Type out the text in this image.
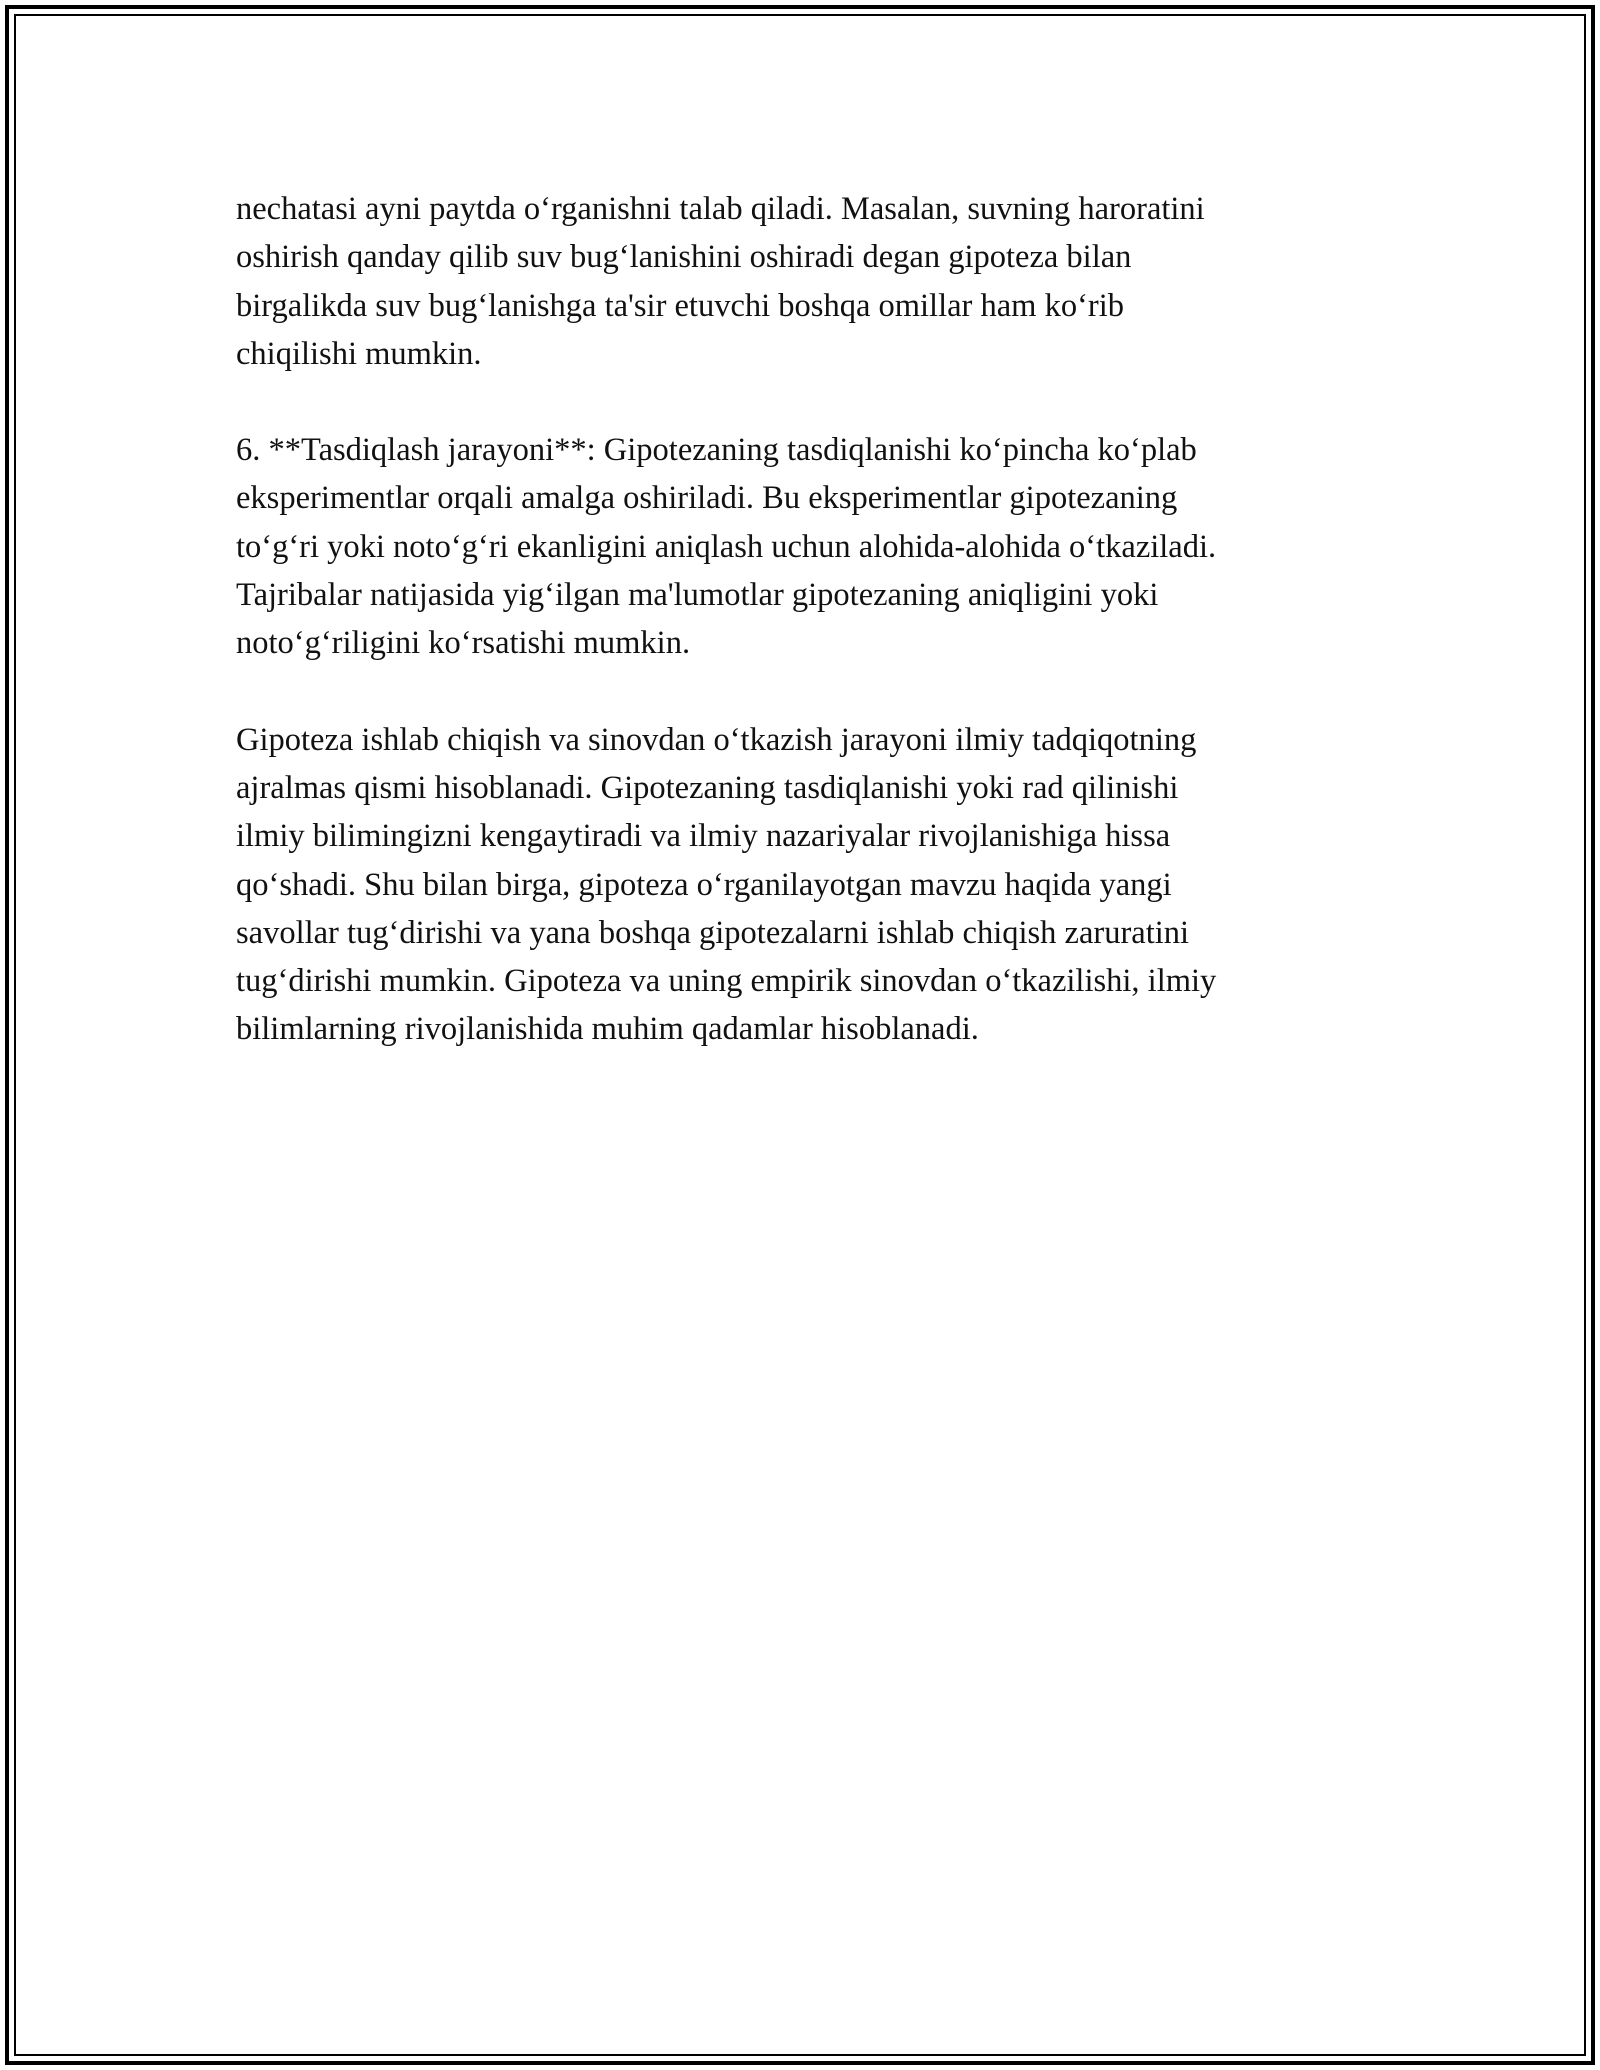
nechatasi ayni paytda o‘rganishni talab qiladi. Masalan, suvning haroratini
oshirish qanday qilib suv bug‘lanishini oshiradi degan gipoteza bilan
birgalikda suv bug‘lanishga ta'sir etuvchi boshqa omillar ham ko‘rib
chiqilishi mumkin.

6. **Tasdiqlash jarayoni**: Gipotezaning tasdiqlanishi ko‘pincha ko‘plab
eksperimentlar orqali amalga oshiriladi. Bu eksperimentlar gipotezaning
to‘g‘ri yoki noto‘g‘ri ekanligini aniqlash uchun alohida-alohida o‘tkaziladi.
Tajribalar natijasida yig‘ilgan ma'lumotlar gipotezaning aniqligini yoki
noto‘g‘riligini ko‘rsatishi mumkin.

Gipoteza ishlab chiqish va sinovdan o‘tkazish jarayoni ilmiy tadqiqotning
ajralmas qismi hisoblanadi. Gipotezaning tasdiqlanishi yoki rad qilinishi
ilmiy bilimingizni kengaytiradi va ilmiy nazariyalar rivojlanishiga hissa
qo‘shadi. Shu bilan birga, gipoteza o‘rganilayotgan mavzu haqida yangi
savollar tug‘dirishi va yana boshqa gipotezalarni ishlab chiqish zaruratini
tug‘dirishi mumkin. Gipoteza va uning empirik sinovdan o‘tkazilishi, ilmiy
bilimlarning rivojlanishida muhim qadamlar hisoblanadi.
